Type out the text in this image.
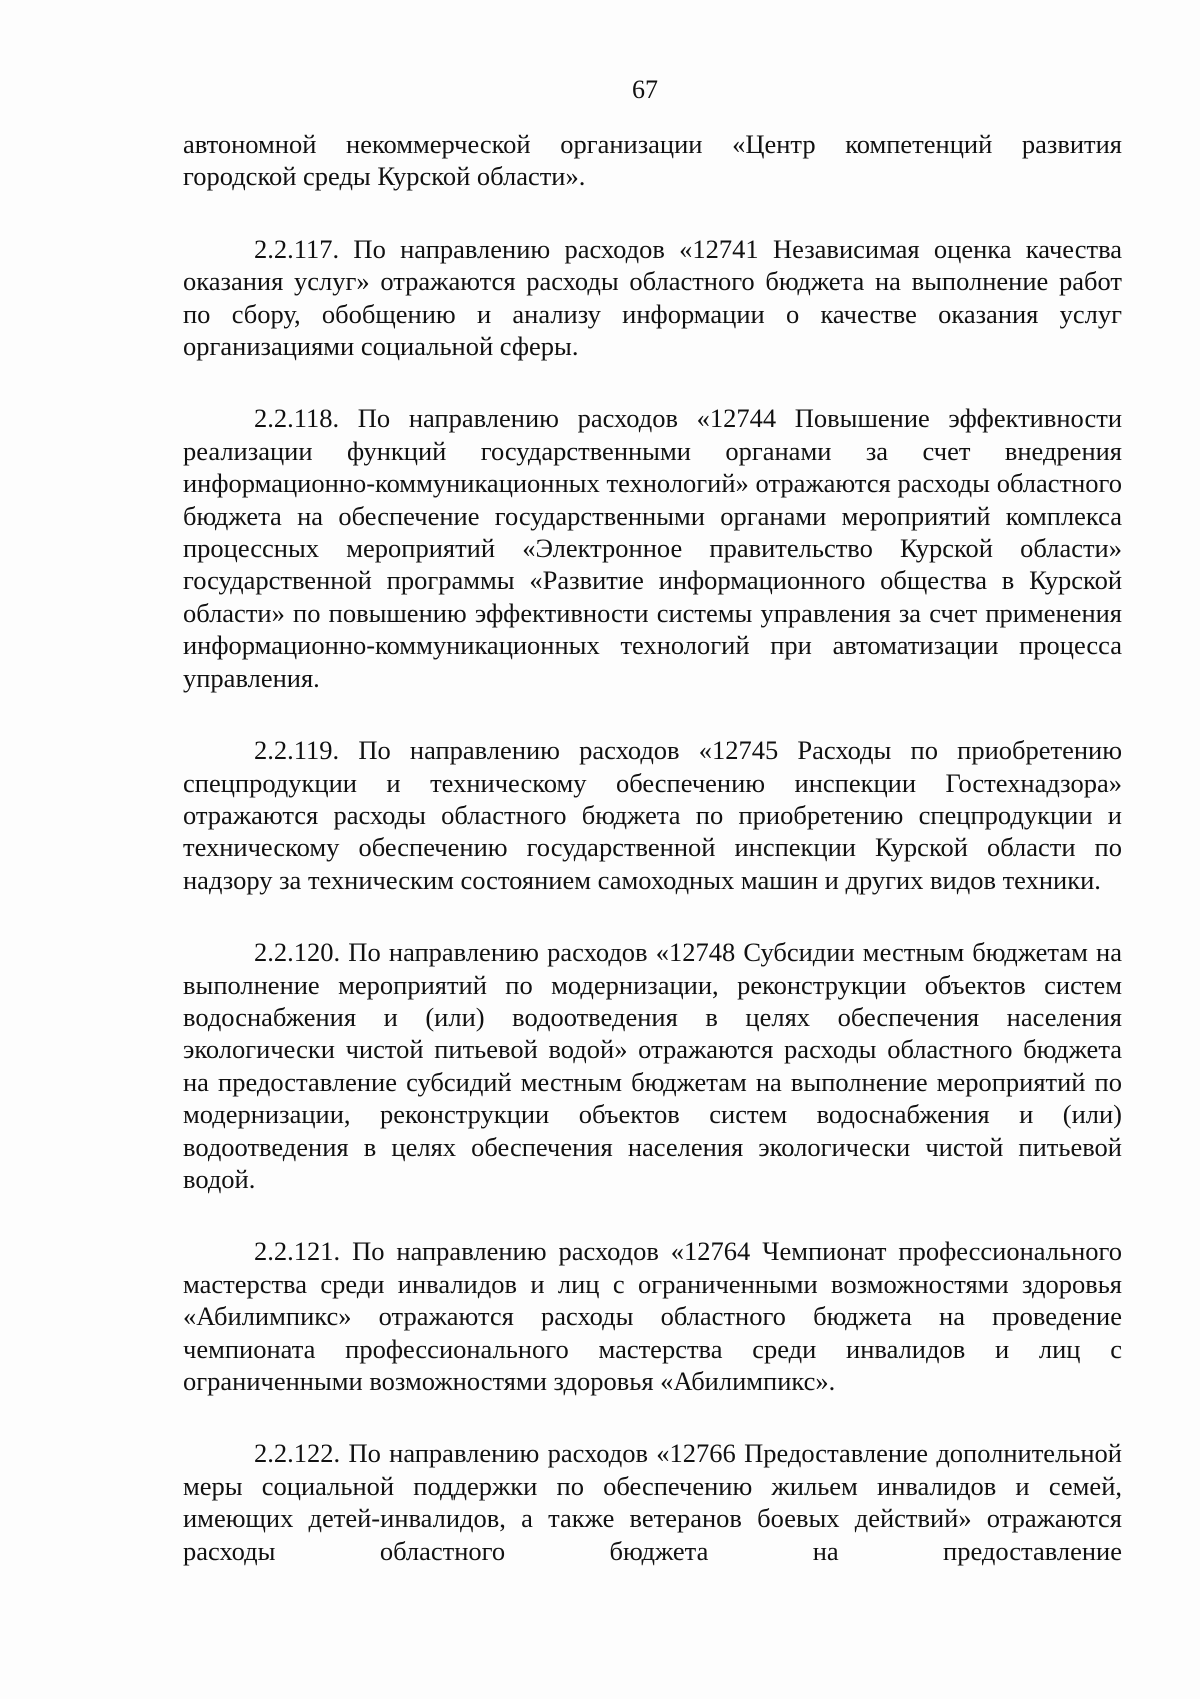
67

автономной некоммерческой организации «Центр компетенций развития городской среды Курской области».

2.2.117. По направлению расходов «12741 Независимая оценка качества оказания услуг» отражаются расходы областного бюджета на выполнение работ по сбору, обобщению и анализу информации о качестве оказания услуг организациями социальной сферы.

2.2.118. По направлению расходов «12744 Повышение эффективности реализации функций государственными органами за счет внедрения информационно-коммуникационных технологий» отражаются расходы областного бюджета на обеспечение государственными органами мероприятий комплекса процессных мероприятий «Электронное правительство Курской области» государственной программы «Развитие информационного общества в Курской области» по повышению эффективности системы управления за счет применения информационно-коммуникационных технологий при автоматизации процесса управления.

2.2.119. По направлению расходов «12745 Расходы по приобретению спецпродукции и техническому обеспечению инспекции Гостехнадзора» отражаются расходы областного бюджета по приобретению спецпродукции и техническому обеспечению государственной инспекции Курской области по надзору за техническим состоянием самоходных машин и других видов техники.

2.2.120. По направлению расходов «12748 Субсидии местным бюджетам на выполнение мероприятий по модернизации, реконструкции объектов систем водоснабжения и (или) водоотведения в целях обеспечения населения экологически чистой питьевой водой» отражаются расходы областного бюджета на предоставление субсидий местным бюджетам на выполнение мероприятий по модернизации, реконструкции объектов систем водоснабжения и (или) водоотведения в целях обеспечения населения экологически чистой питьевой водой.

2.2.121. По направлению расходов «12764 Чемпионат профессионального мастерства среди инвалидов и лиц с ограниченными возможностями здоровья «Абилимпикс» отражаются расходы областного бюджета на проведение чемпионата профессионального мастерства среди инвалидов и лиц с ограниченными возможностями здоровья «Абилимпикс».

2.2.122. По направлению расходов «12766 Предоставление дополнительной меры социальной поддержки по обеспечению жильем инвалидов и семей, имеющих детей-инвалидов, а также ветеранов боевых действий» отражаются расходы областного бюджета на предоставление
